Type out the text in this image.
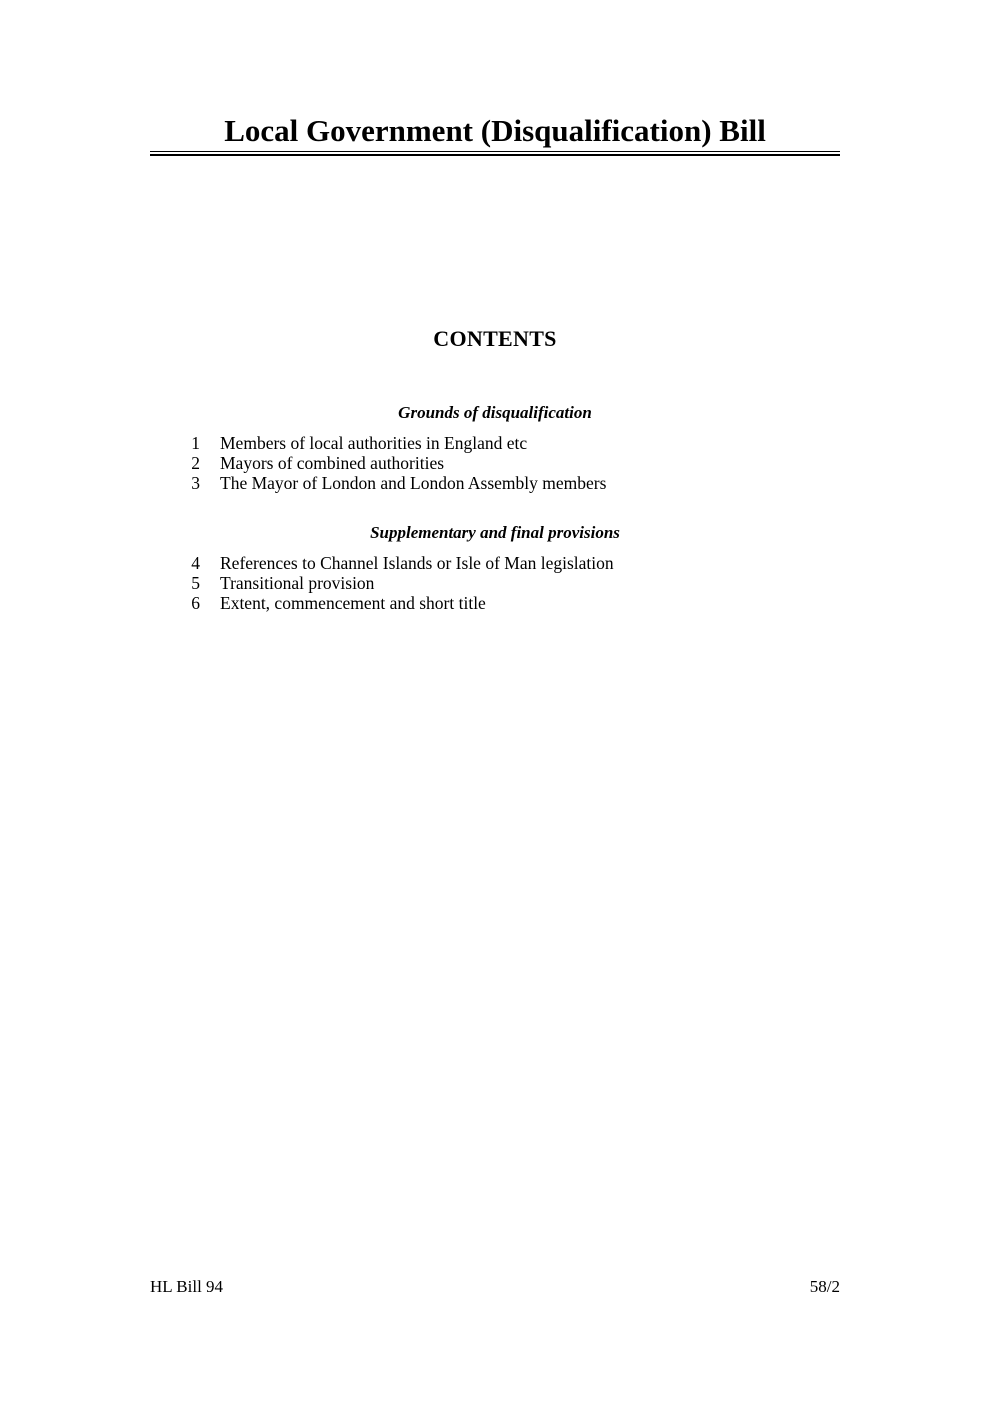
Local Government (Disqualification) Bill
CONTENTS
Grounds of disqualification
1 Members of local authorities in England etc
2 Mayors of combined authorities
3 The Mayor of London and London Assembly members
Supplementary and final provisions
4 References to Channel Islands or Isle of Man legislation
5 Transitional provision
6 Extent, commencement and short title

HL Bill 94	58/2
